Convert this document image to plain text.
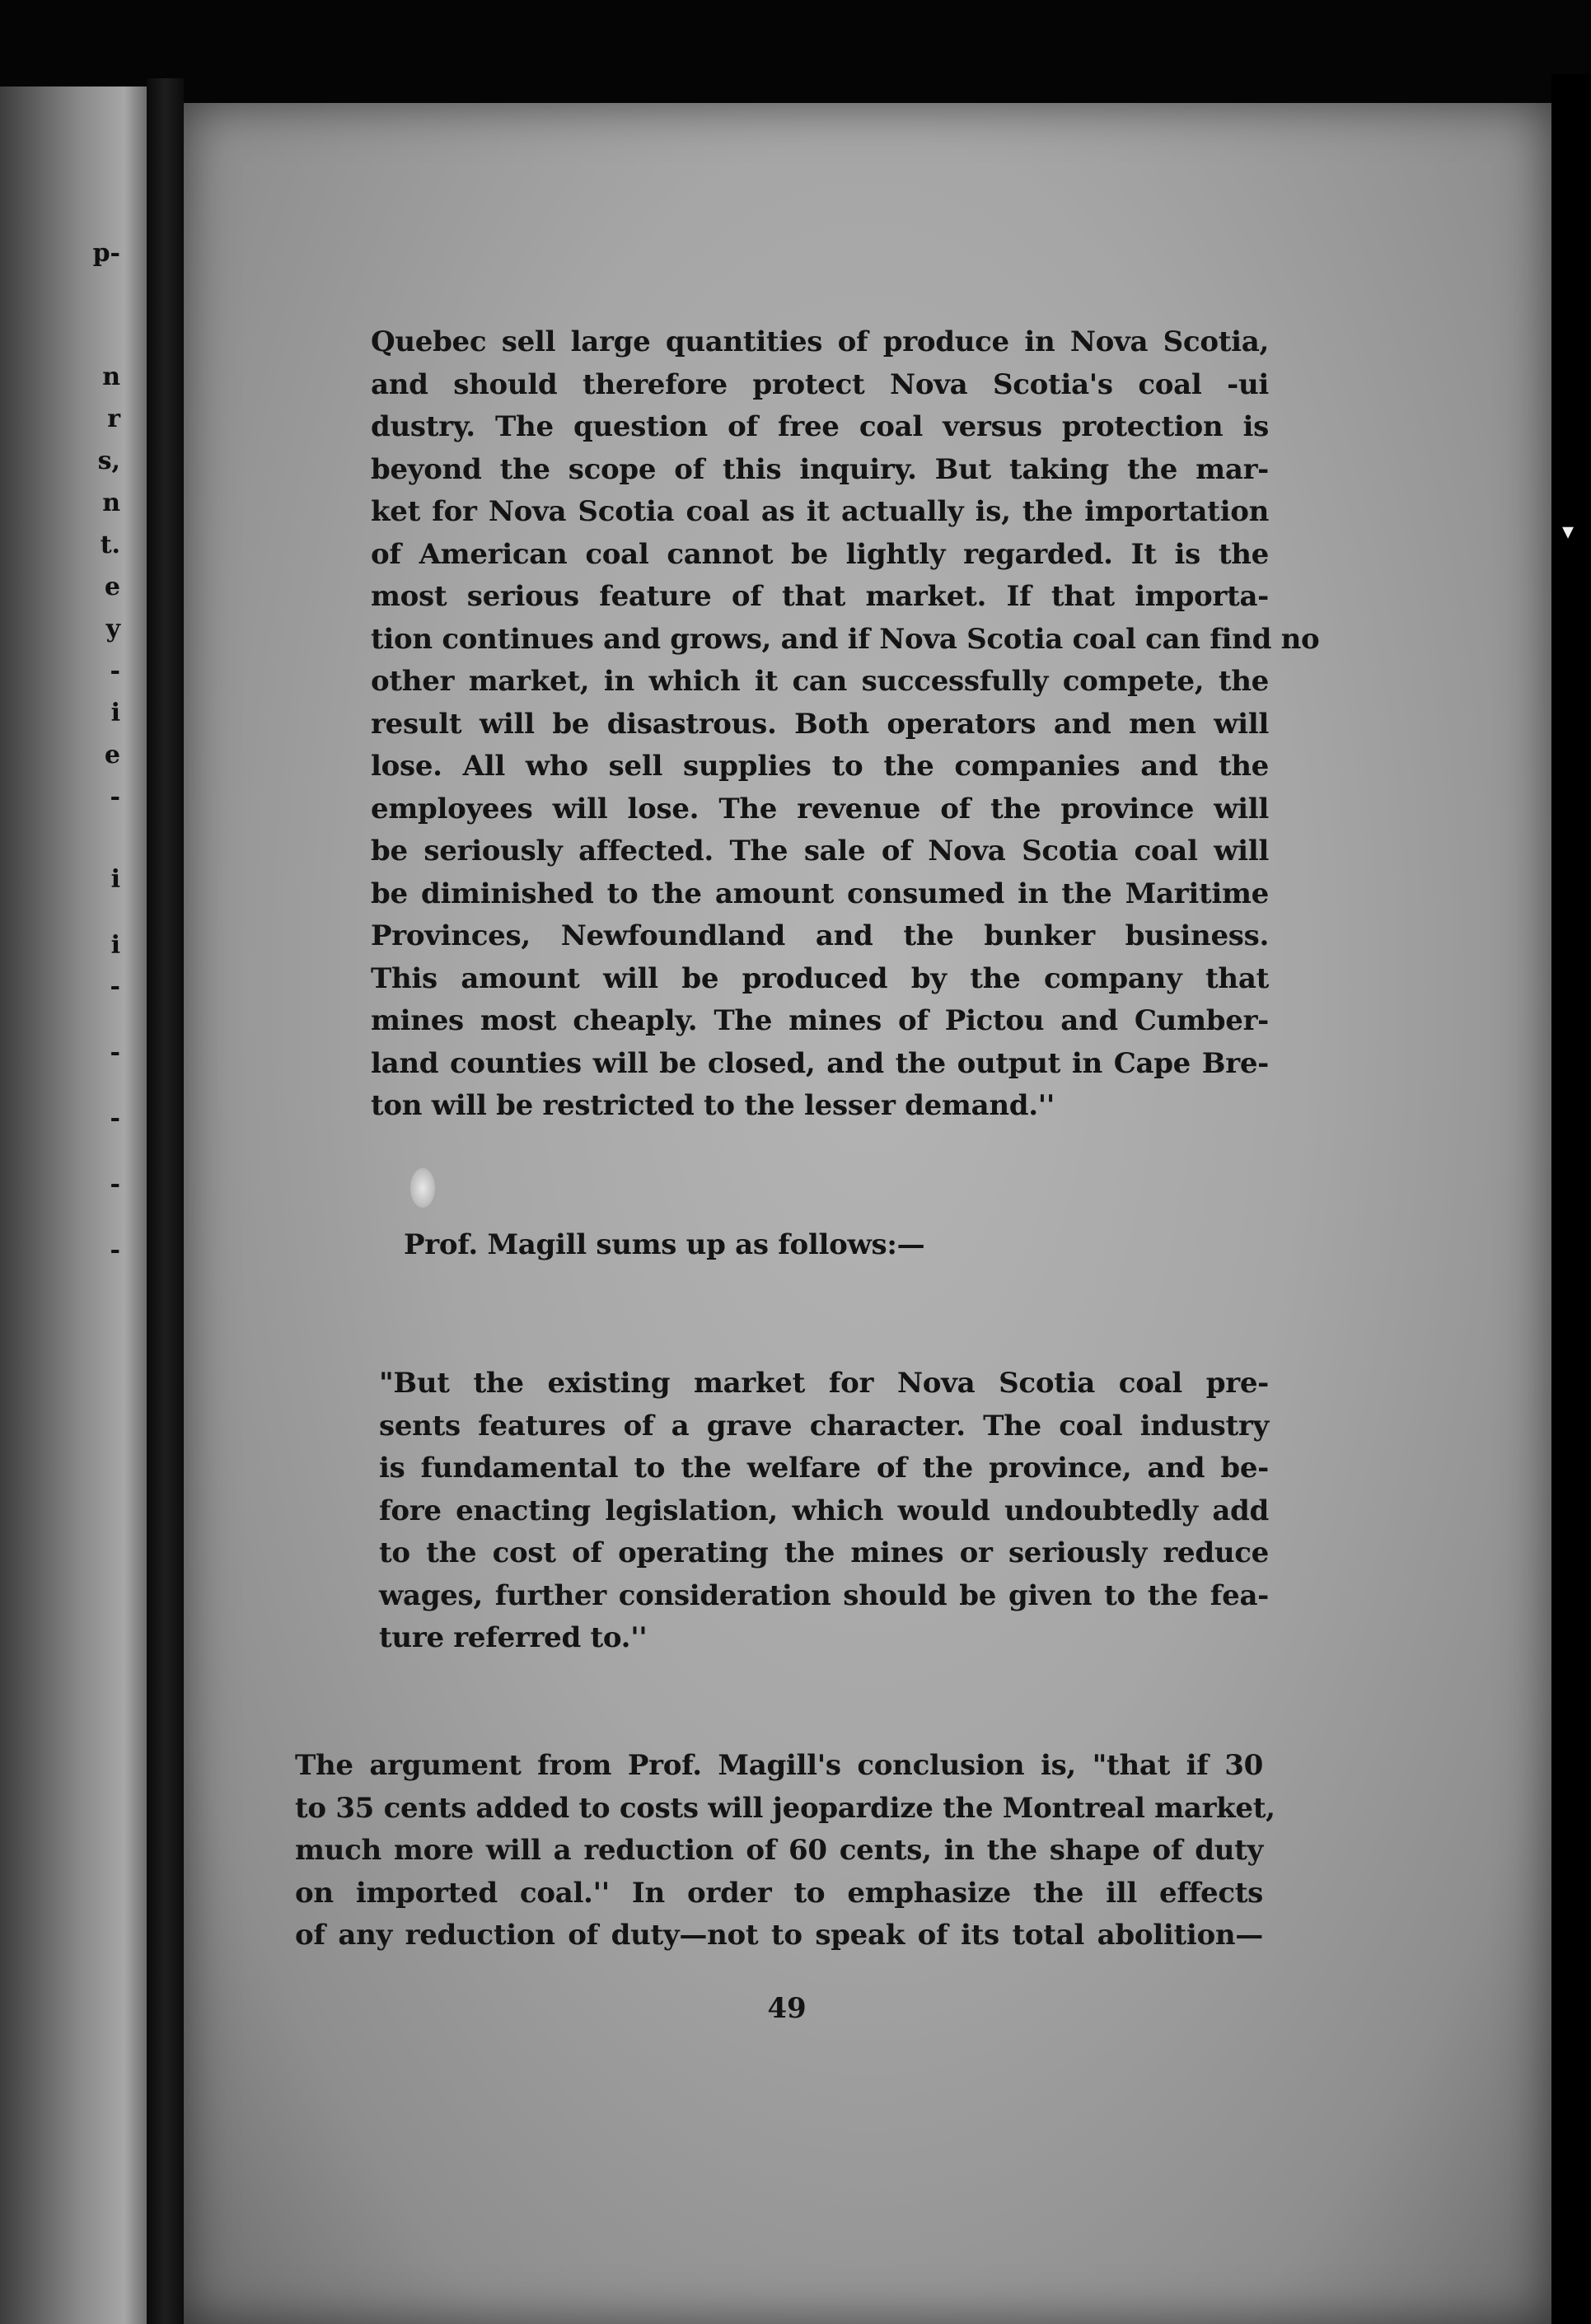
p-
n
r
s,
n
t.
e
y
-
i
e
-
i
i
-
-
-
-
-
▾
Quebec sell large quantities of produce in Nova Scotia,
and should therefore protect Nova Scotia's coal -ui
dustry. The question of free coal versus protection is
beyond the scope of this inquiry. But taking the mar-
ket for Nova Scotia coal as it actually is, the importation
of American coal cannot be lightly regarded. It is the
most serious feature of that market. If that importa-
tion continues and grows, and if Nova Scotia coal can find no
other market, in which it can successfully compete, the
result will be disastrous. Both operators and men will
lose. All who sell supplies to the companies and the
employees will lose. The revenue of the province will
be seriously affected. The sale of Nova Scotia coal will
be diminished to the amount consumed in the Maritime
Provinces, Newfoundland and the bunker business.
This amount will be produced by the company that
mines most cheaply. The mines of Pictou and Cumber-
land counties will be closed, and the output in Cape Bre-
ton will be restricted to the lesser demand.''
Prof. Magill sums up as follows:—
"But the existing market for Nova Scotia coal pre-
sents features of a grave character. The coal industry
is fundamental to the welfare of the province, and be-
fore enacting legislation, which would undoubtedly add
to the cost of operating the mines or seriously reduce
wages, further consideration should be given to the fea-
ture referred to.''
The argument from Prof. Magill's conclusion is, "that if 30
to 35 cents added to costs will jeopardize the Montreal market,
much more will a reduction of 60 cents, in the shape of duty
on imported coal.'' In order to emphasize the ill effects
of any reduction of duty—not to speak of its total abolition—
49
